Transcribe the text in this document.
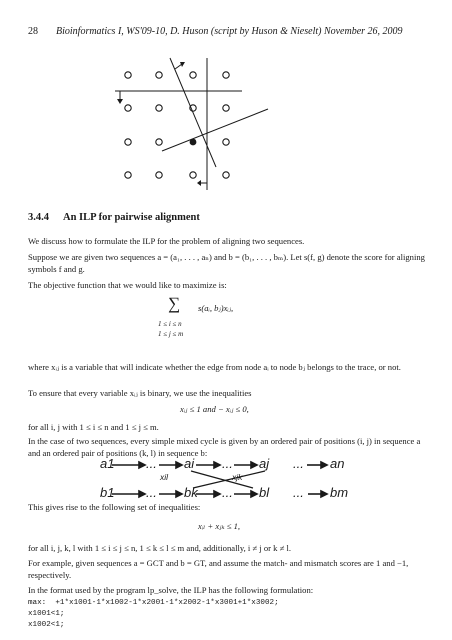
28 Bioinformatics I, WS'09-10, D. Huson (script by Huson & Nieselt) November 26, 2009
3.4.4 An ILP for pairwise alignment
We discuss how to formulate the ILP for the problem of aligning two sequences.
Suppose we are given two sequences a = (a₁, . . . , aₙ) and b = (b₁, . . . , bₘ). Let s(f, g) denote the score for aligning symbols f and g.
The objective function that we would like to maximize is:
∑ s(aᵢ, bⱼ)xᵢⱼ,
1 ≤ i ≤ n
1 ≤ j ≤ m
where xᵢⱼ is a variable that will indicate whether the edge from node aᵢ to node bⱼ belongs to the trace, or not.
To ensure that every variable xᵢⱼ is binary, we use the inequalities
xᵢⱼ ≤ 1 and − xᵢⱼ ≤ 0,
for all i, j with 1 ≤ i ≤ n and 1 ≤ j ≤ m.
In the case of two sequences, every simple mixed cycle is given by an ordered pair of positions (i, j) in sequence a and an ordered pair of positions (k, l) in sequence b:
a1 ... ai ... aj ... an
b1 ... bk ... bl ... bm
xil	xjk
This gives rise to the following set of inequalities:
xᵢₗ + xⱼₖ ≤ 1,
for all i, j, k, l with 1 ≤ i ≤ j ≤ n, 1 ≤ k ≤ l ≤ m and, additionally, i ≠ j or k ≠ l.
For example, given sequences a = GCT and b = GT, and assume the match- and mismatch scores are 1 and −1, respectively.
In the format used by the program lp_solve, the ILP has the following formulation:
max:  +1*x1001-1*x1002-1*x2001-1*x2002-1*x3001+1*x3002;
x1001<1;
x1002<1;
